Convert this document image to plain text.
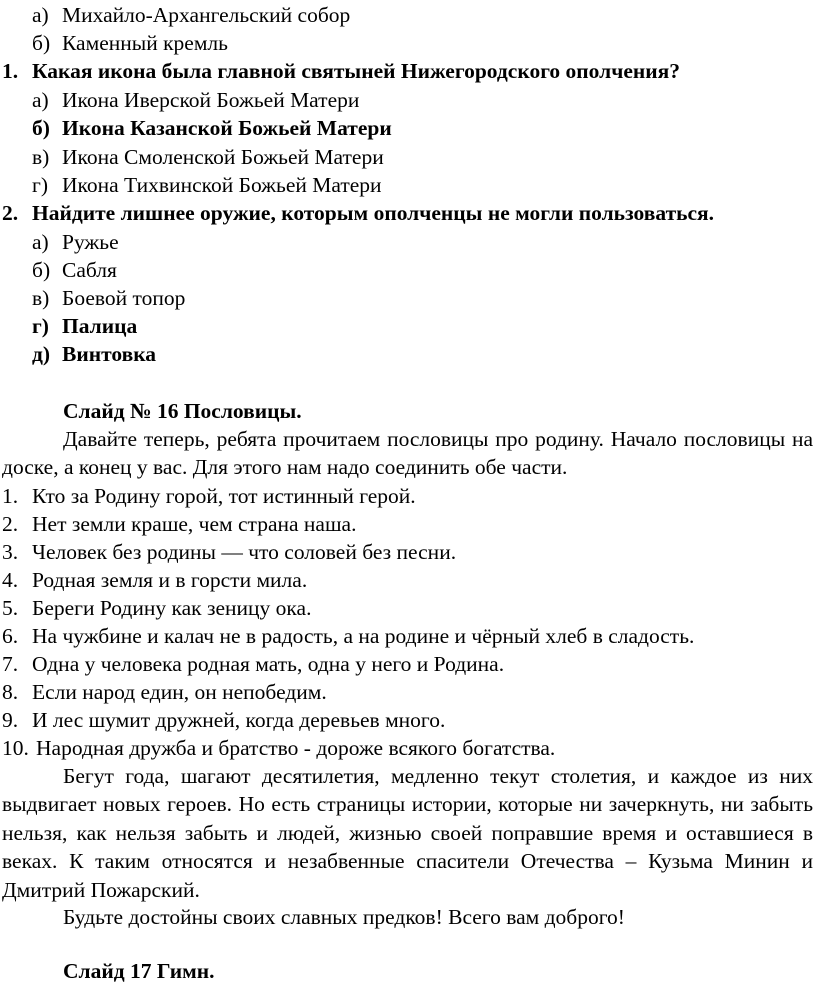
а) Михайло-Архангельский собор
б) Каменный кремль
1. Какая икона была главной святыней Нижегородского ополчения?
а) Икона Иверской Божьей Матери
б) Икона Казанской Божьей Матери
в) Икона Смоленской Божьей Матери
г) Икона Тихвинской Божьей Матери
2. Найдите лишнее оружие, которым ополченцы не могли пользоваться.
а) Ружье
б) Сабля
в) Боевой топор
г) Палица
д) Винтовка
Слайд № 16 Пословицы.

Давайте теперь, ребята прочитаем пословицы про родину. Начало пословицы на доске, а конец у вас. Для этого нам надо соединить обе части.

1. Кто за Родину горой, тот истинный герой.
2. Нет земли краше, чем страна наша.
3. Человек без родины — что соловей без песни.
4. Родная земля и в горсти мила.
5. Береги Родину как зеницу ока.
6. На чужбине и калач не в радость, а на родине и чёрный хлеб в сладость.
7. Одна у человека родная мать, одна у него и Родина.
8. Если народ един, он непобедим.
9. И лес шумит дружней, когда деревьев много.
10. Народная дружба и братство - дороже всякого богатства.

Бегут года, шагают десятилетия, медленно текут столетия, и каждое из них выдвигает новых героев. Но есть страницы истории, которые ни зачеркнуть, ни забыть нельзя, как нельзя забыть и людей, жизнью своей поправшие время и оставшиеся в веках. К таким относятся и незабвенные спасители Отечества – Кузьма Минин и Дмитрий Пожарский.

Будьте достойны своих славных предков! Всего вам доброго!
Слайд 17 Гимн.
